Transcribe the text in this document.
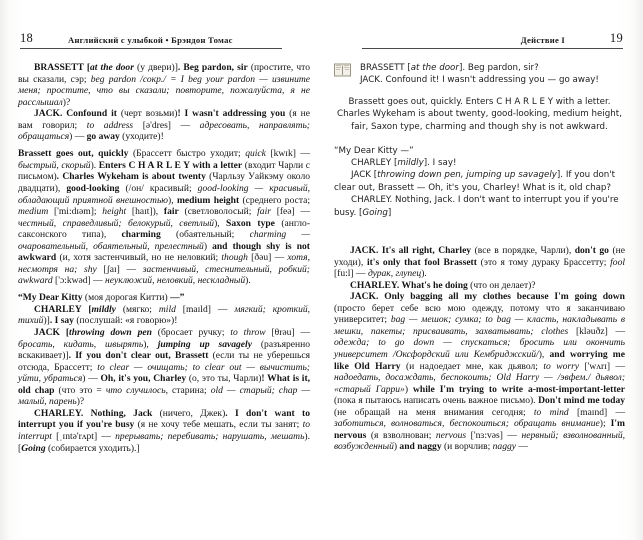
18	Английский с улыбкой • Брэндон Томас

BRASSETT [at the door (у двери)]. Beg pardon, sir (простите, что вы сказали, сэр; beg pardon /сокр./ = I beg your pardon — извините меня; простите, что вы сказали; повторите, пожалуйста, я не расслышал)?

JACK. Confound it (черт возьми)! I wasn't addressing you (я не вам говорил; to address [ə'dres] — адресовать, направлять; обращаться) — go away (уходите)!

Brassett goes out, quickly (Брассетт быстро уходит; quick [kwɪk] — быстрый, скорый). Enters C H A R L E Y with a letter (входит Чарли с письмом). Charles Wykeham is about twenty (Чарльзу Уайкэму около двадцати), good-looking (/он/ красивый; good-looking — красивый, обладающий приятной внешностью), medium height (среднего роста; medium ['mi:dɪəm]; height [haɪt]), fair (светловолосый; fair [feə] — честный, справедливый; белокурый, светлый), Saxon type (англо-саксонского типа), charming (обаятельный; charming — очаровательный, обаятельный, прелестный) and though shy is not awkward (и, хотя застенчивый, но не неловкий; though [ðəu] — хотя, несмотря на; shy [ʃaɪ] — застенчивый, стеснительный, робкий; awkward ['ɔ:kwəd] — неуклюжий, неловкий, нескладный).

“My Dear Kitty (моя дорогая Китти) —”

CHARLEY [mildly (мягко; mild [maɪld] — мягкий; кроткий, тихий)]. I say (послушай: «я говорю»)!

JACK [throwing down pen (бросает ручку; to throw [θrəu] — бросать, кидать, швырять), jumping up savagely (разъяренно вскакивает)]. If you don't clear out, Brassett (если ты не уберешься отсюда, Брассетт; to clear — очищать; to clear out — вычистить; уйти, убраться) — Oh, it's you, Charley (о, это ты, Чарли)! What is it, old chap (что это = что случилось, старина; old — старый; chap — малый, парень)?

CHARLEY. Nothing, Jack (ничего, Джек). I don't want to interrupt you if you're busy (я не хочу тебе мешать, если ты занят; to interrupt [ˌɪntə'rʌpt] — прерывать; перебивать; нарушать, мешать). [Going (собирается уходить).]

Действие I	19
BRASSETT [at the door]. Beg pardon, sir?
JACK. Confound it! I wasn't addressing you — go away!
Brassett goes out, quickly. Enters C H A R L E Y with a letter.
Charles Wykeham is about twenty, good-looking, medium height,
fair, Saxon type, charming and though shy is not awkward.

“My Dear Kitty —”

CHARLEY [mildly]. I say!

JACK [throwing down pen, jumping up savagely]. If you don't clear out, Brassett — Oh, it's you, Charley! What is it, old chap?

CHARLEY. Nothing, Jack. I don't want to interrupt you if you're busy. [Going]

JACK. It's all right, Charley (все в порядке, Чарли), don't go (не уходи), it's only that fool Brassett (это я тому дураку Брассетту; fool [fu:l] — дурак, глупец).

CHARLEY. What's he doing (что он делает)?

JACK. Only bagging all my clothes because I'm going down (просто берет себе всю мою одежду, потому что я заканчиваю университет; bag — мешок; сумка; to bag — класть, накладывать в мешки, пакеты; присваивать, захватывать; clothes [kləuðz] — одежда; to go down — спускаться; бросить или окончить университет /Оксфордский или Кембриджский/), and worrying me like Old Harry (и надоедает мне, как дьявол; to worry ['wʌrɪ] — надоедать, досаждать, беспокоить; Old Harry — /эвфем./ дьявол; «старый Гарри») while I'm trying to write a-most-important-letter (пока я пытаюсь написать очень важное письмо). Don't mind me today (не обращай на меня внимания сегодня; to mind [maɪnd] — заботиться, волноваться, беспокоиться; обращать внимание); I'm nervous (я взволнован; nervous ['nɜ:vəs] — нервный; взволнованный, возбужденный) and naggy (и ворчлив; naggy —
